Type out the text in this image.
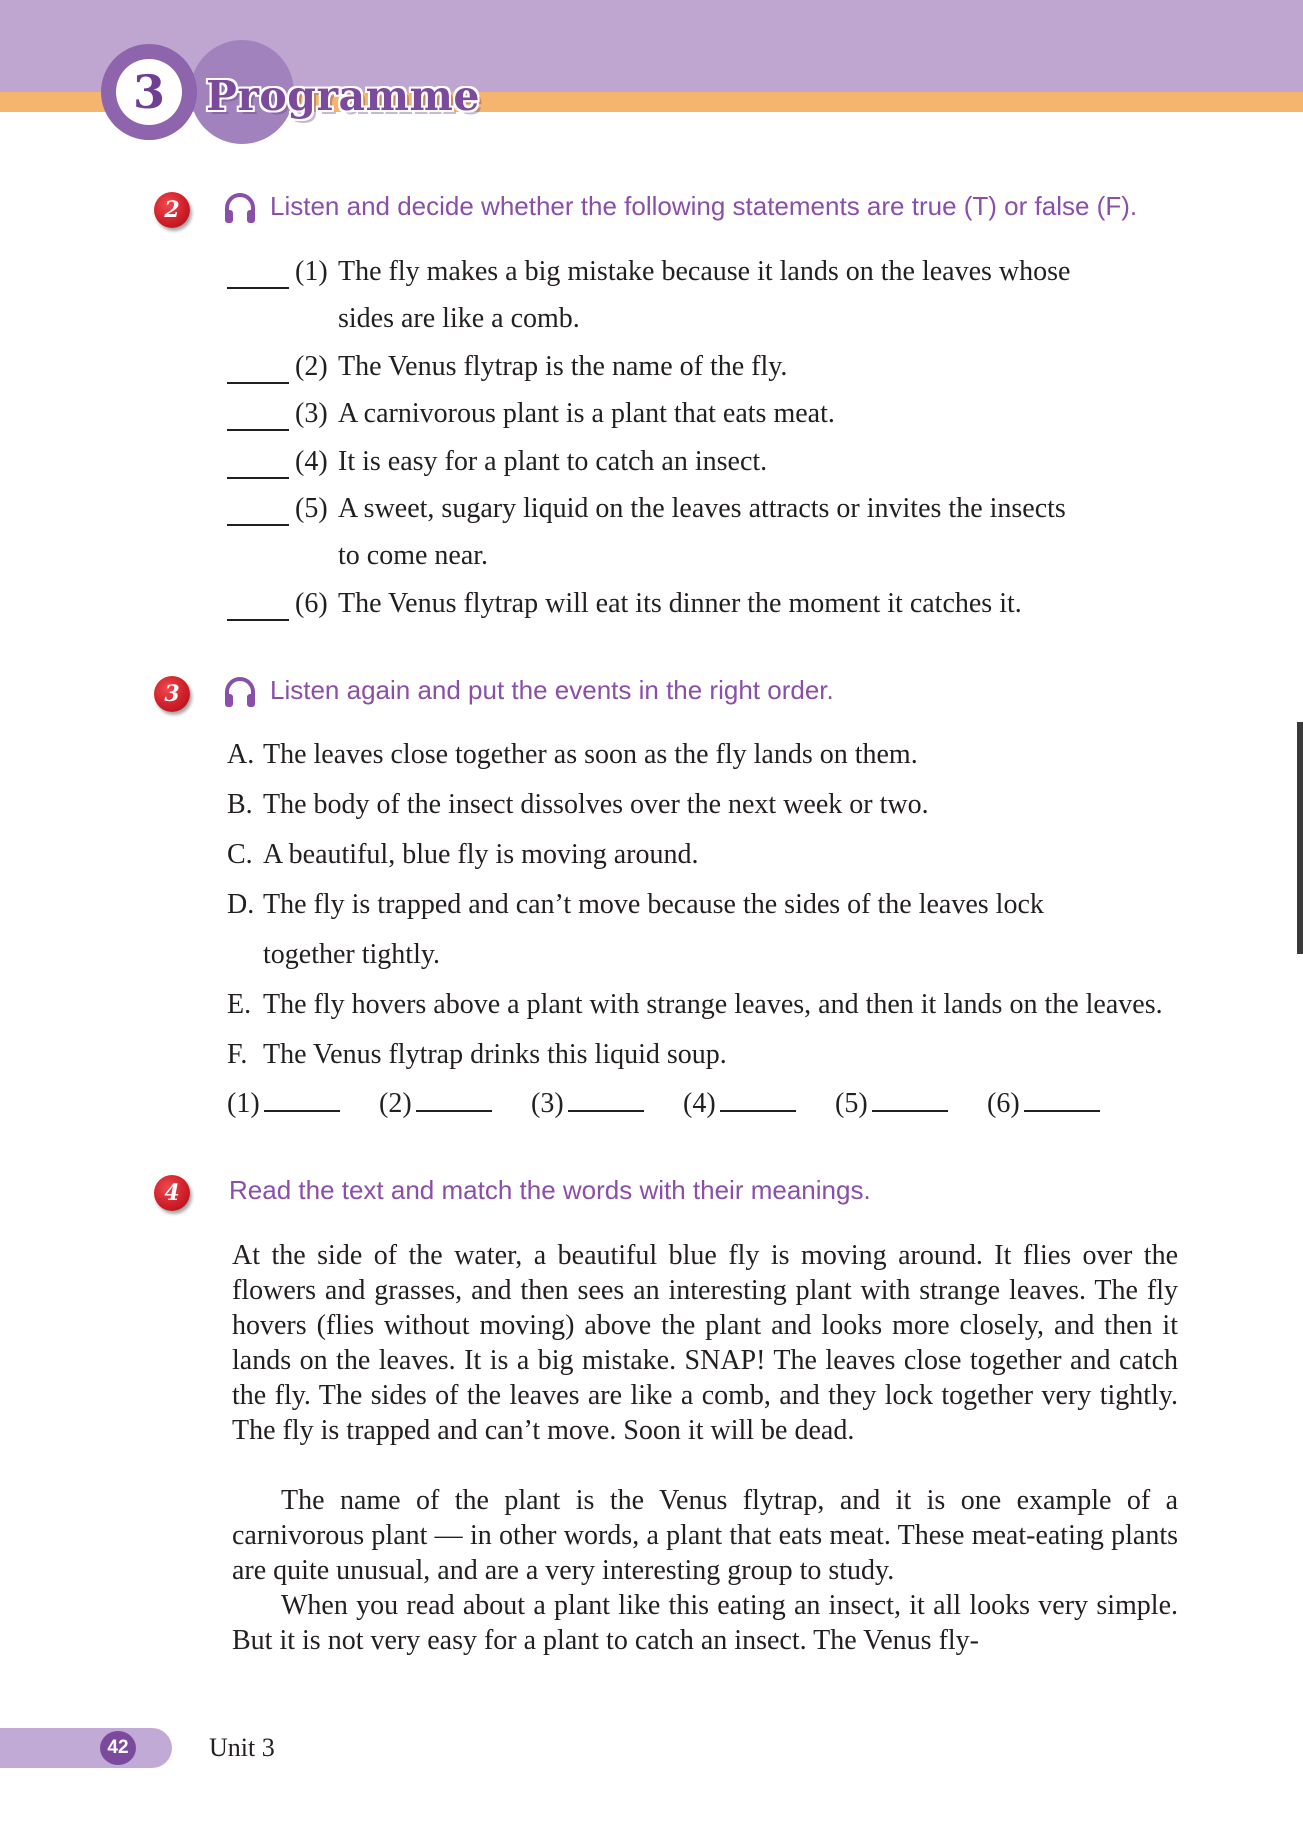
3	Programme
2	Listen and decide whether the following statements are true (T) or false (F).
(1) The fly makes a big mistake because it lands on the leaves whose
sides are like a comb.
(2) The Venus flytrap is the name of the fly.
(3) A carnivorous plant is a plant that eats meat.
(4) It is easy for a plant to catch an insect.
(5) A sweet, sugary liquid on the leaves attracts or invites the insects
to come near.
(6) The Venus flytrap will eat its dinner the moment it catches it.
3	Listen again and put the events in the right order.
A. The leaves close together as soon as the fly lands on them.
B. The body of the insect dissolves over the next week or two.
C. A beautiful, blue fly is moving around.
D. The fly is trapped and can’t move because the sides of the leaves lock
together tightly.
E. The fly hovers above a plant with strange leaves, and then it lands on the leaves.
F. The Venus flytrap drinks this liquid soup.
(1)	(2)	(3)	(4)	(5)	(6)
4	Read the text and match the words with their meanings.
At the side of the water, a beautiful blue fly is moving around. It flies over the flowers and grasses, and then sees an interesting plant with strange leaves. The fly hovers (flies without moving) above the plant and looks more closely, and then it lands on the leaves. It is a big mistake. SNAP! The leaves close together and catch the fly. The sides of the leaves are like a comb, and they lock together very tightly. The fly is trapped and can’t move. Soon it will be dead.
The name of the plant is the Venus flytrap, and it is one example of a carnivorous plant — in other words, a plant that eats meat. These meat-eating plants are quite unusual, and are a very interesting group to study.
When you read about a plant like this eating an insect, it all looks very simple. But it is not very easy for a plant to catch an insect. The Venus fly-
42	Unit 3
